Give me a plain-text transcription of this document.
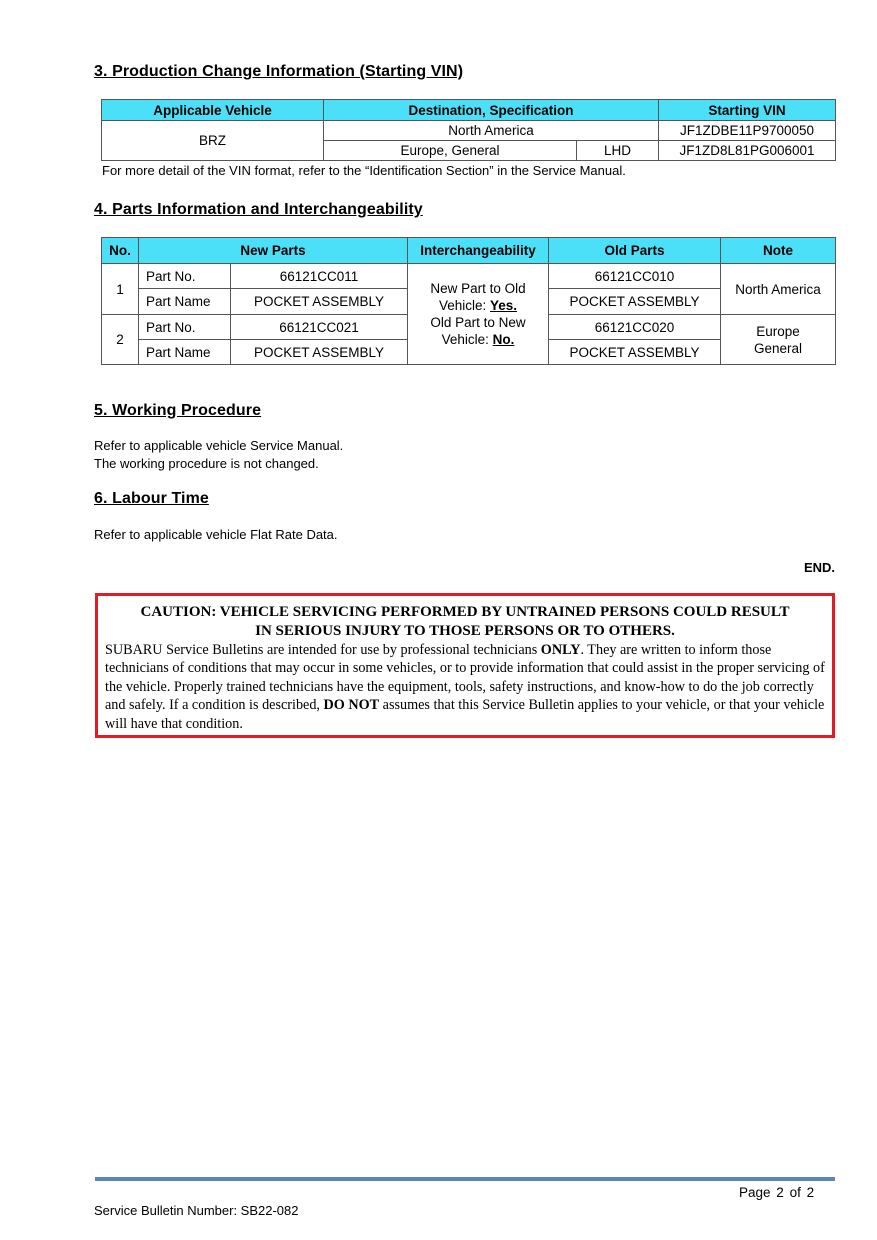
3. Production Change Information (Starting VIN)
Applicable Vehicle	Destination, Specification		Starting VIN
BRZ	North America		JF1ZDBE11P9700050
	Europe, General	LHD	JF1ZD8L81PG006001
For more detail of the VIN format, refer to the “Identification Section” in the Service Manual.
4. Parts Information and Interchangeability
No.	New Parts		Interchangeability	Old Parts	Note
1	Part No.	66121CC011	New Part to Old
Vehicle: Yes.
Old Part to New
Vehicle: No.	66121CC010	North America
	Part Name	POCKET ASSEMBLY		POCKET ASSEMBLY	
2	Part No.	66121CC021		66121CC020	Europe
General
	Part Name	POCKET ASSEMBLY		POCKET ASSEMBLY	
5. Working Procedure
Refer to applicable vehicle Service Manual.
The working procedure is not changed.
6. Labour Time
Refer to applicable vehicle Flat Rate Data.
END.
CAUTION: VEHICLE SERVICING PERFORMED BY UNTRAINED PERSONS COULD RESULT
IN SERIOUS INJURY TO THOSE PERSONS OR TO OTHERS.
SUBARU Service Bulletins are intended for use by professional technicians ONLY. They are written to inform those technicians of conditions that may occur in some vehicles, or to provide information that could assist in the proper servicing of the vehicle. Properly trained technicians have the equipment, tools, safety instructions, and know-how to do the job correctly and safely. If a condition is described, DO NOT assumes that this Service Bulletin applies to your vehicle, or that your vehicle will have that condition.
Page 2 of 2
Service Bulletin Number: SB22-082
